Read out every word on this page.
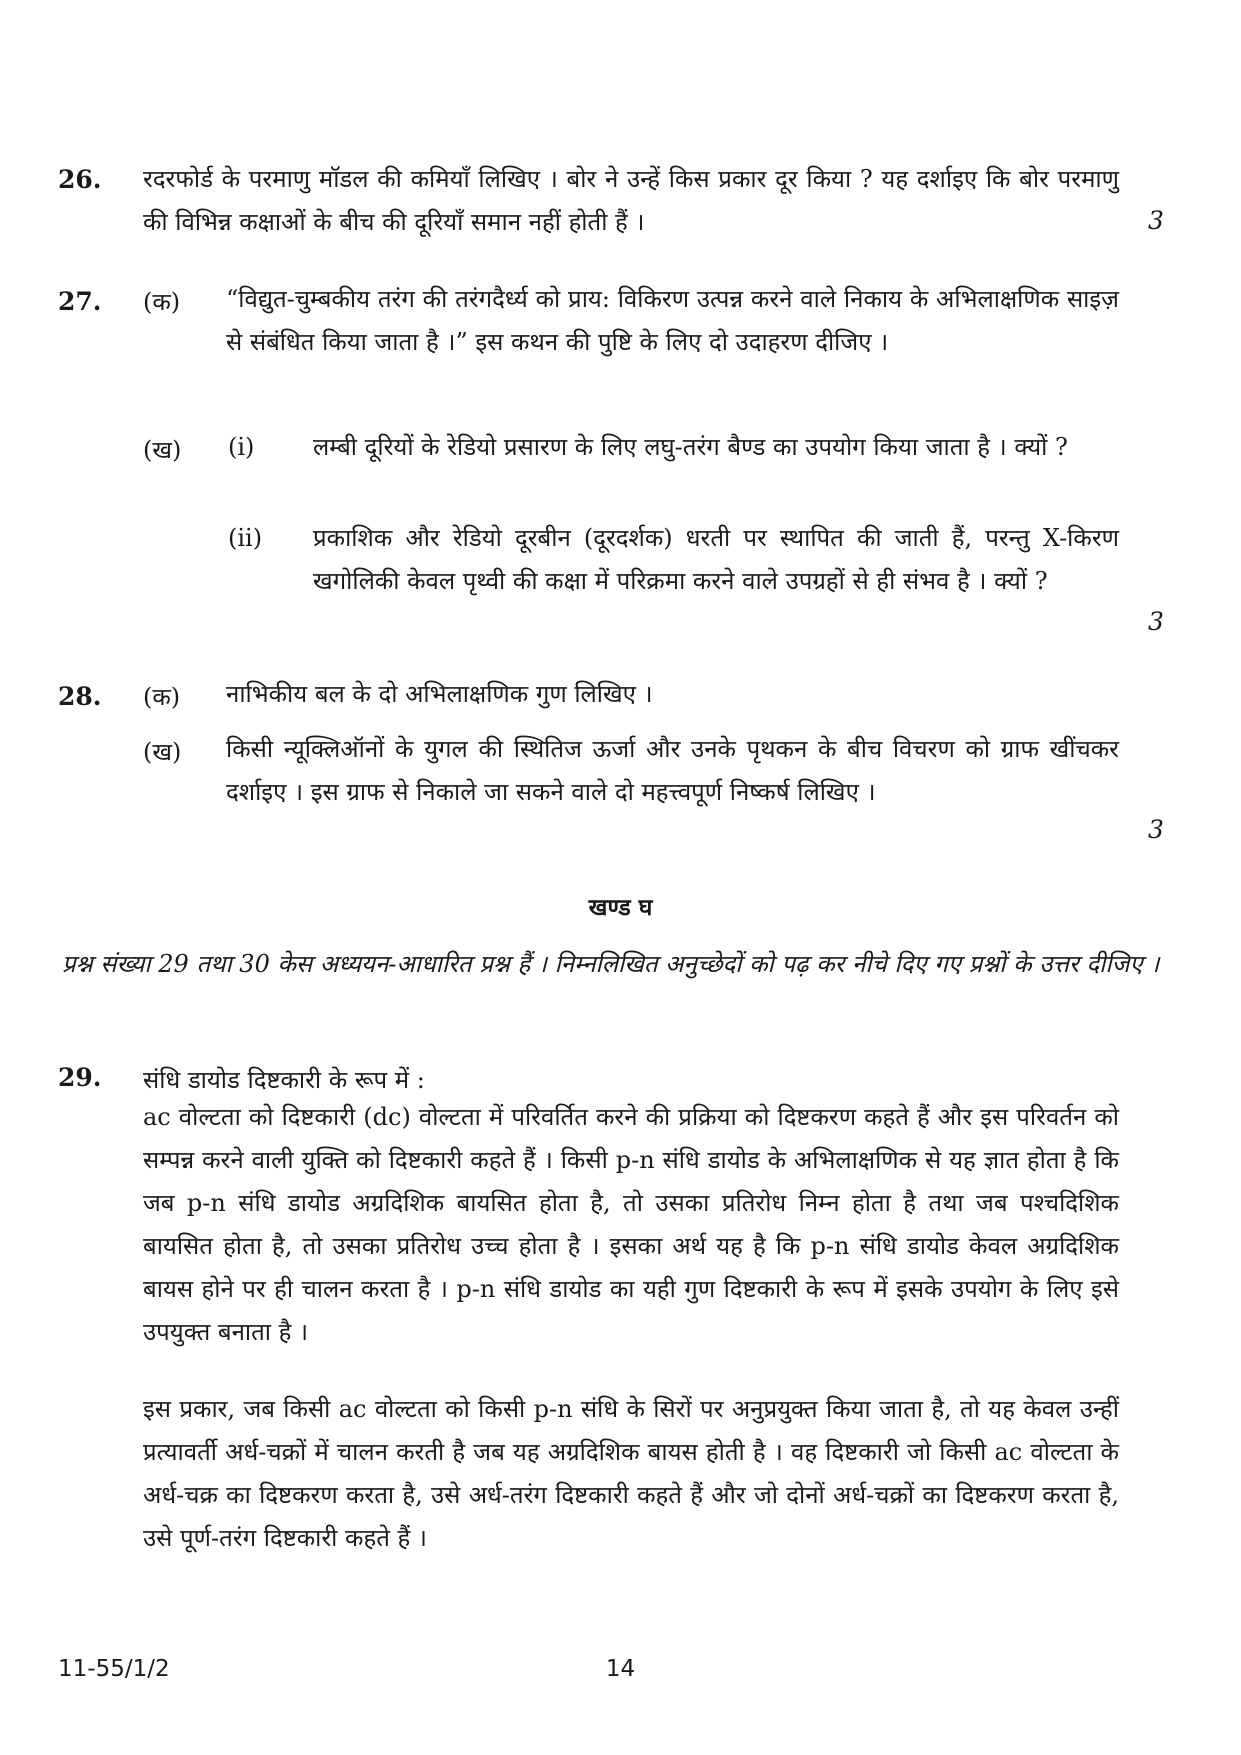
26. रदरफोर्ड के परमाणु मॉडल की कमियाँ लिखिए । बोर ने उन्हें किस प्रकार दूर किया ? यह दर्शाइए कि बोर परमाणु की विभिन्न कक्षाओं के बीच की दूरियाँ समान नहीं होती हैं ।	3
27. (क) “विद्युत-चुम्बकीय तरंग की तरंगदैर्ध्य को प्राय: विकिरण उत्पन्न करने वाले निकाय के अभिलाक्षणिक साइज़ से संबंधित किया जाता है ।” इस कथन की पुष्टि के लिए दो उदाहरण दीजिए ।
(ख) (i) लम्बी दूरियों के रेडियो प्रसारण के लिए लघु-तरंग बैण्ड का उपयोग किया जाता है । क्यों ?
(ii) प्रकाशिक और रेडियो दूरबीन (दूरदर्शक) धरती पर स्थापित की जाती हैं, परन्तु X-किरण खगोलिकी केवल पृथ्वी की कक्षा में परिक्रमा करने वाले उपग्रहों से ही संभव है । क्यों ?
3
28. (क) नाभिकीय बल के दो अभिलाक्षणिक गुण लिखिए ।
(ख) किसी न्यूक्लिऑनों के युगल की स्थितिज ऊर्जा और उनके पृथकन के बीच विचरण को ग्राफ खींचकर दर्शाइए । इस ग्राफ से निकाले जा सकने वाले दो महत्त्वपूर्ण निष्कर्ष लिखिए ।
3
खण्ड घ
प्रश्न संख्या 29 तथा 30 केस अध्ययन-आधारित प्रश्न हैं । निम्नलिखित अनुच्छेदों को पढ़ कर नीचे दिए गए प्रश्नों के उत्तर दीजिए ।
29. संधि डायोड दिष्टकारी के रूप में :
ac वोल्टता को दिष्टकारी (dc) वोल्टता में परिवर्तित करने की प्रक्रिया को दिष्टकरण कहते हैं और इस परिवर्तन को सम्पन्न करने वाली युक्ति को दिष्टकारी कहते हैं । किसी p-n संधि डायोड के अभिलाक्षणिक से यह ज्ञात होता है कि जब p-n संधि डायोड अग्रदिशिक बायसित होता है, तो उसका प्रतिरोध निम्न होता है तथा जब पश्चदिशिक बायसित होता है, तो उसका प्रतिरोध उच्च होता है । इसका अर्थ यह है कि p-n संधि डायोड केवल अग्रदिशिक बायस होने पर ही चालन करता है । p-n संधि डायोड का यही गुण दिष्टकारी के रूप में इसके उपयोग के लिए इसे उपयुक्त बनाता है ।
इस प्रकार, जब किसी ac वोल्टता को किसी p-n संधि के सिरों पर अनुप्रयुक्त किया जाता है, तो यह केवल उन्हीं प्रत्यावर्ती अर्ध-चक्रों में चालन करती है जब यह अग्रदिशिक बायस होती है । वह दिष्टकारी जो किसी ac वोल्टता के अर्ध-चक्र का दिष्टकरण करता है, उसे अर्ध-तरंग दिष्टकारी कहते हैं और जो दोनों अर्ध-चक्रों का दिष्टकरण करता है, उसे पूर्ण-तरंग दिष्टकारी कहते हैं ।
11-55/1/2	14
